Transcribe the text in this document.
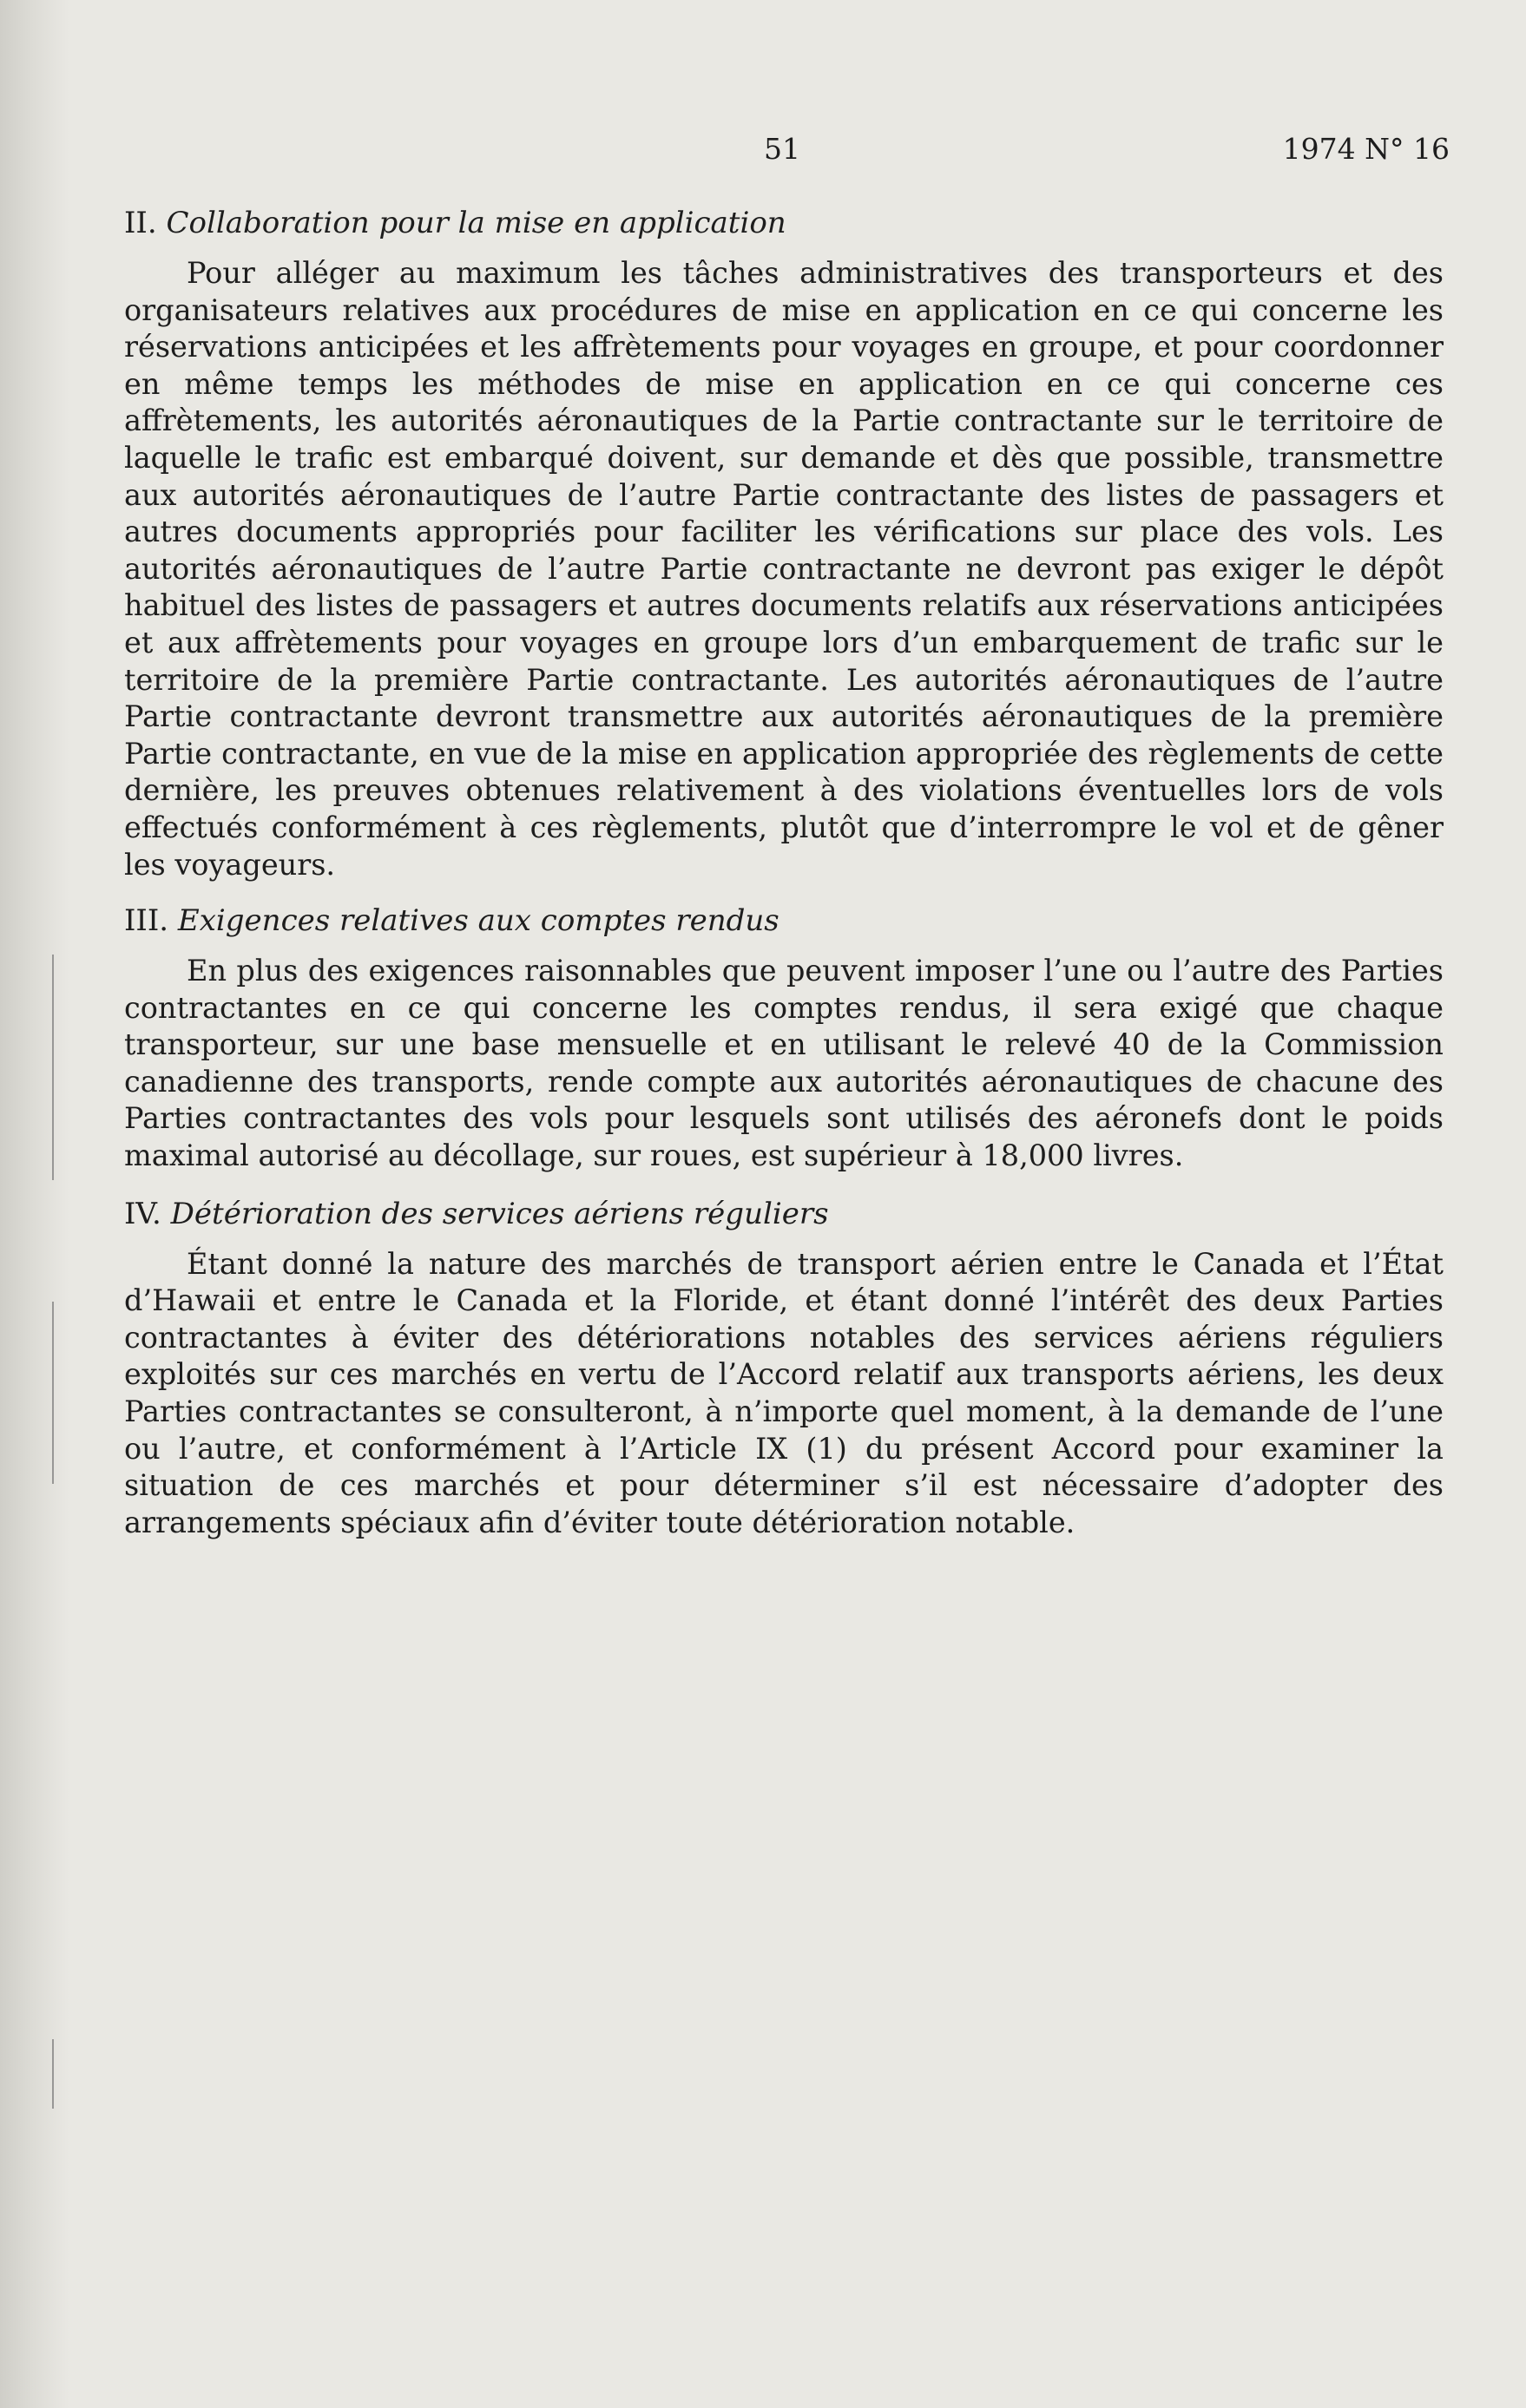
51	1974 N° 16

II. Collaboration pour la mise en application

Pour alléger au maximum les tâches administratives des transporteurs et des organisateurs relatives aux procédures de mise en application en ce qui concerne les réservations anticipées et les affrètements pour voyages en groupe, et pour coordonner en même temps les méthodes de mise en application en ce qui concerne ces affrètements, les autorités aéronautiques de la Partie contractante sur le territoire de laquelle le trafic est embarqué doivent, sur demande et dès que possible, transmettre aux autorités aéronautiques de l’autre Partie contractante des listes de passagers et autres documents appropriés pour faciliter les vérifications sur place des vols. Les autorités aéronautiques de l’autre Partie contractante ne devront pas exiger le dépôt habituel des listes de passagers et autres documents relatifs aux réservations anticipées et aux affrètements pour voyages en groupe lors d’un embarquement de trafic sur le territoire de la première Partie contractante. Les autorités aéronautiques de l’autre Partie contractante devront transmettre aux autorités aéronautiques de la première Partie contractante, en vue de la mise en application appropriée des règlements de cette dernière, les preuves obtenues relativement à des violations éventuelles lors de vols effectués conformément à ces règlements, plutôt que d’interrompre le vol et de gêner les voyageurs.

III. Exigences relatives aux comptes rendus

En plus des exigences raisonnables que peuvent imposer l’une ou l’autre des Parties contractantes en ce qui concerne les comptes rendus, il sera exigé que chaque transporteur, sur une base mensuelle et en utilisant le relevé 40 de la Commission canadienne des transports, rende compte aux autorités aéronautiques de chacune des Parties contractantes des vols pour lesquels sont utilisés des aéronefs dont le poids maximal autorisé au décollage, sur roues, est supérieur à 18,000 livres.

IV. Détérioration des services aériens réguliers

Étant donné la nature des marchés de transport aérien entre le Canada et l’État d’Hawaii et entre le Canada et la Floride, et étant donné l’intérêt des deux Parties contractantes à éviter des détériorations notables des services aériens réguliers exploités sur ces marchés en vertu de l’Accord relatif aux transports aériens, les deux Parties contractantes se consulteront, à n’importe quel moment, à la demande de l’une ou l’autre, et conformément à l’Article IX (1) du présent Accord pour examiner la situation de ces marchés et pour déterminer s’il est nécessaire d’adopter des arrangements spéciaux afin d’éviter toute détérioration notable.
